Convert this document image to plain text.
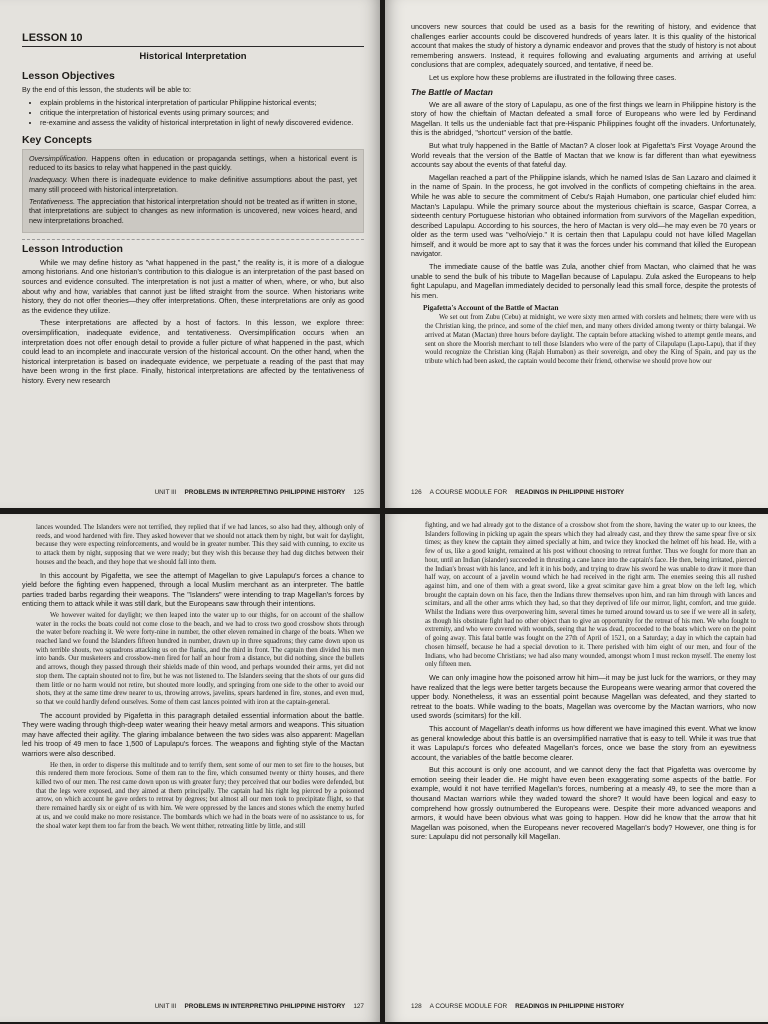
LESSON 10
Historical Interpretation
Lesson Objectives

By the end of this lesson, the students will be able to:

• explain problems in the historical interpretation of particular Philippine historical events;
• critique the interpretation of historical events using primary sources; and
• re-examine and assess the validity of historical interpretation in light of newly discovered evidence.
Key Concepts

Oversimplification. Happens often in education or propaganda settings, when a historical event is reduced to its basics to relay what happened in the past quickly.

Inadequacy. When there is inadequate evidence to make definitive assumptions about the past, yet many still proceed with historical interpretation.

Tentativeness. The appreciation that historical interpretation should not be treated as if written in stone, that interpretations are subject to changes as new information is uncovered, new voices heard, and new interpretations broached.

Lesson Introduction

While we may define history as "what happened in the past," the reality is, it is more of a dialogue among historians. And one historian's contribution to this dialogue is an interpretation of the past based on sources and evidence consulted. The interpretation is not just a matter of when, where, or who, but also about why and how, variables that cannot just be lifted straight from the source. When historians write history, they do not offer theories—they offer interpretations. Often, these interpretations are only as good as the evidence they utilize.

These interpretations are affected by a host of factors. In this lesson, we explore three: oversimplification, inadequate evidence, and tentativeness. Oversimplification occurs when an interpretation does not offer enough detail to provide a fuller picture of what happened in the past, which could lead to an incomplete and inaccurate version of the historical account. On the other hand, when the historical interpretation is based on inadequate evidence, we perpetuate a reading of the past that may have been wrong in the first place. Finally, historical interpretations are affected by the tentativeness of history. Every new research

UNIT III PROBLEMS IN INTERPRETING PHILIPPINE HISTORY 125

uncovers new sources that could be used as a basis for the rewriting of history, and evidence that challenges earlier accounts could be discovered hundreds of years later. It is this quality of the historical account that makes the study of history a dynamic endeavor and proves that the study of history is not about remembering answers. Instead, it requires following and evaluating arguments and arriving at useful conclusions that are complex, adequately sourced, and tentative, if need be.

Let us explore how these problems are illustrated in the following three cases.

The Battle of Mactan

We are all aware of the story of Lapulapu, as one of the first things we learn in Philippine history is the story of how the chieftain of Mactan defeated a small force of Europeans who were led by Ferdinand Magellan. It tells us the undeniable fact that pre-Hispanic Philippines fought off the invaders. Unfortunately, this is the abridged, "shortcut" version of the battle.

But what truly happened in the Battle of Mactan? A closer look at Pigafetta's First Voyage Around the World reveals that the version of the Battle of Mactan that we know is far different than what eyewitness accounts say about the events of that fateful day.

Magellan reached a part of the Philippine islands, which he named Islas de San Lazaro and claimed it in the name of Spain. In the process, he got involved in the conflicts of competing chieftains in the area. While he was able to secure the commitment of Cebu's Rajah Humabon, one particular chief eluded him: Mactan's Lapulapu. While the primary source about the mysterious chieftain is scarce, Gaspar Correa, a sixteenth century Portuguese historian who obtained information from survivors of the Magellan expedition, described Lapulapu. According to his sources, the hero of Mactan is very old—he may even be 70 years or older as the term used was "velho/viejo." It is certain then that Lapulapu could not have killed Magellan himself, and it would be more apt to say that it was the forces under his command that killed the European navigator.

The immediate cause of the battle was Zula, another chief from Mactan, who claimed that he was unable to send the bulk of his tribute to Magellan because of Lapulapu. Zula asked the Europeans to help fight Lapulapu, and Magellan immediately decided to personally lead this small force, despite the protests of his men.

Pigafetta's Account of the Battle of Mactan

We set out from Zubu (Cebu) at midnight, we were sixty men armed with corslets and helmets; there were with us the Christian king, the prince, and some of the chief men, and many others divided among twenty or thirty balangai. We arrived at Matan (Mactan) three hours before daylight. The captain before attacking wished to attempt gentle means, and sent on shore the Moorish merchant to tell those Islanders who were of the party of Cilapulapu (Lapu-Lapu), that if they would recognize the Christian king (Rajah Humabon) as their sovereign, and obey the King of Spain, and pay us the tribute which had been asked, the captain would become their friend, otherwise we should prove how our

126 A COURSE MODULE FOR READINGS IN PHILIPPINE HISTORY

lances wounded. The Islanders were not terrified, they replied that if we had lances, so also had they, although only of reeds, and wood hardened with fire. They asked however that we should not attack them by night, but wait for daylight, because they were expecting reinforcements, and would be in greater number. This they said with cunning, to excite us to attack them by night, supposing that we were ready; but they wish this because they had dug ditches between their houses and the beach, and they hope that we should fall into them.

In this account by Pigafetta, we see the attempt of Magellan to give Lapulapu's forces a chance to yield before the fighting even happened, through a local Muslim merchant as an interpreter. The battle parties traded barbs regarding their weapons. The "Islanders" were intending to trap Magellan's forces by enticing them to attack while it was still dark, but the Europeans saw through their intentions.

We however waited for daylight; we then leaped into the water up to our thighs, for on account of the shallow water in the rocks the boats could not come close to the beach, and we had to cross two good crossbow shots through the water before reaching it. We were forty-nine in number, the other eleven remained in charge of the boats. When we reached land we found the Islanders fifteen hundred in number, drawn up in three squadrons; they came down upon us with terrible shouts, two squadrons attacking us on the flanks, and the third in front. The captain then divided his men into bands. Our musketeers and crossbow-men fired for half an hour from a distance, but did nothing, since the bullets and arrows, though they passed through their shields made of thin wood, and perhaps wounded their arms, yet did not stop them. The captain shouted not to fire, but he was not listened to. The Islanders seeing that the shots of our guns did them little or no harm would not retire, but shouted more loudly, and springing from one side to the other to avoid our shots, they at the same time drew nearer to us, throwing arrows, javelins, spears hardened in fire, stones, and even mud, so that we could hardly defend ourselves. Some of them cast lances pointed with iron at the captain-general.

The account provided by Pigafetta in this paragraph detailed essential information about the battle. They were wading through thigh-deep water wearing their heavy metal armors and weapons. This situation may have affected their agility. The glaring imbalance between the two sides was also apparent: Magellan led his troop of 49 men to face 1,500 of Lapulapu's forces. The weapons and fighting style of the Mactan warriors were also described.

He then, in order to disperse this multitude and to terrify them, sent some of our men to set fire to the houses, but this rendered them more ferocious. Some of them ran to the fire, which consumed twenty or thirty houses, and there killed two of our men. The rest came down upon us with greater fury; they perceived that our bodies were defended, but that the legs were exposed, and they aimed at them principally. The captain had his right leg pierced by a poisoned arrow, on which account he gave orders to retreat by degrees; but almost all our men took to precipitate flight, so that there remained hardly six or eight of us with him. We were oppressed by the lances and stones which the enemy hurled at us, and we could make no more resistance. The bombards which we had in the boats were of no assistance to us, for the shoal water kept them too far from the beach. We went thither, retreating little by little, and still

UNIT III PROBLEMS IN INTERPRETING PHILIPPINE HISTORY 127

fighting, and we had already got to the distance of a crossbow shot from the shore, having the water up to our knees, the Islanders following in picking up again the spears which they had already cast, and they threw the same spear five or six times; as they knew the captain they aimed specially at him, and twice they knocked the helmet off his head. He, with a few of us, like a good knight, remained at his post without choosing to retreat further. Thus we fought for more than an hour, until an Indian (islander) succeeded in thrusting a cane lance into the captain's face. He then, being irritated, pierced the Indian's breast with his lance, and left it in his body, and trying to draw his sword he was unable to draw it more than half way, on account of a javelin wound which he had received in the right arm. The enemies seeing this all rushed against him, and one of them with a great sword, like a great scimitar gave him a great blow on the left leg, which brought the captain down on his face, then the Indians threw themselves upon him, and ran him through with lances and scimitars, and all the other arms which they had, so that they deprived of life our mirror, light, comfort, and true guide. Whilst the Indians were thus overpowering him, several times he turned around toward us to see if we were all in safety, as though his obstinate fight had no other object than to give an opportunity for the retreat of his men. We who fought to extremity, and who were covered with wounds, seeing that he was dead, proceeded to the boats which were on the point of going away. This fatal battle was fought on the 27th of April of 1521, on a Saturday; a day in which the captain had chosen himself, because he had a special devotion to it. There perished with him eight of our men, and four of the Indians, who had become Christians; we had also many wounded, amongst whom I must reckon myself. The enemy lost only fifteen men.

We can only imagine how the poisoned arrow hit him—it may be just luck for the warriors, or they may have realized that the legs were better targets because the Europeans were wearing armor that covered the upper body. Nonetheless, it was an essential point because Magellan was defeated, and they started to retreat to the boats. While wading to the boats, Magellan was overcome by the Mactan warriors, who now used swords (scimitars) for the kill.

This account of Magellan's death informs us how different we have imagined this event. What we know as general knowledge about this battle is an oversimplified narrative that is easy to tell. While it was true that it was Lapulapu's forces who defeated Magellan's forces, once we base the story from an eyewitness account, the variables of the battle become clearer.

But this account is only one account, and we cannot deny the fact that Pigafetta was overcome by emotion seeing their leader die. He might have even been exaggerating some aspects of the battle. For example, would it not have terrified Magellan's forces, numbering at a measly 49, to see the more than a thousand Mactan warriors while they waded toward the shore? It would have been logical and easy to comprehend how grossly outnumbered the Europeans were. Despite their more advanced weapons and armors, it would have been obvious what was going to happen. How did he know that the arrow that hit Magellan was poisoned, when the Europeans never recovered Magellan's body? However, one thing is for sure: Lapulapu did not personally kill Magellan.

128 A COURSE MODULE FOR READINGS IN PHILIPPINE HISTORY
